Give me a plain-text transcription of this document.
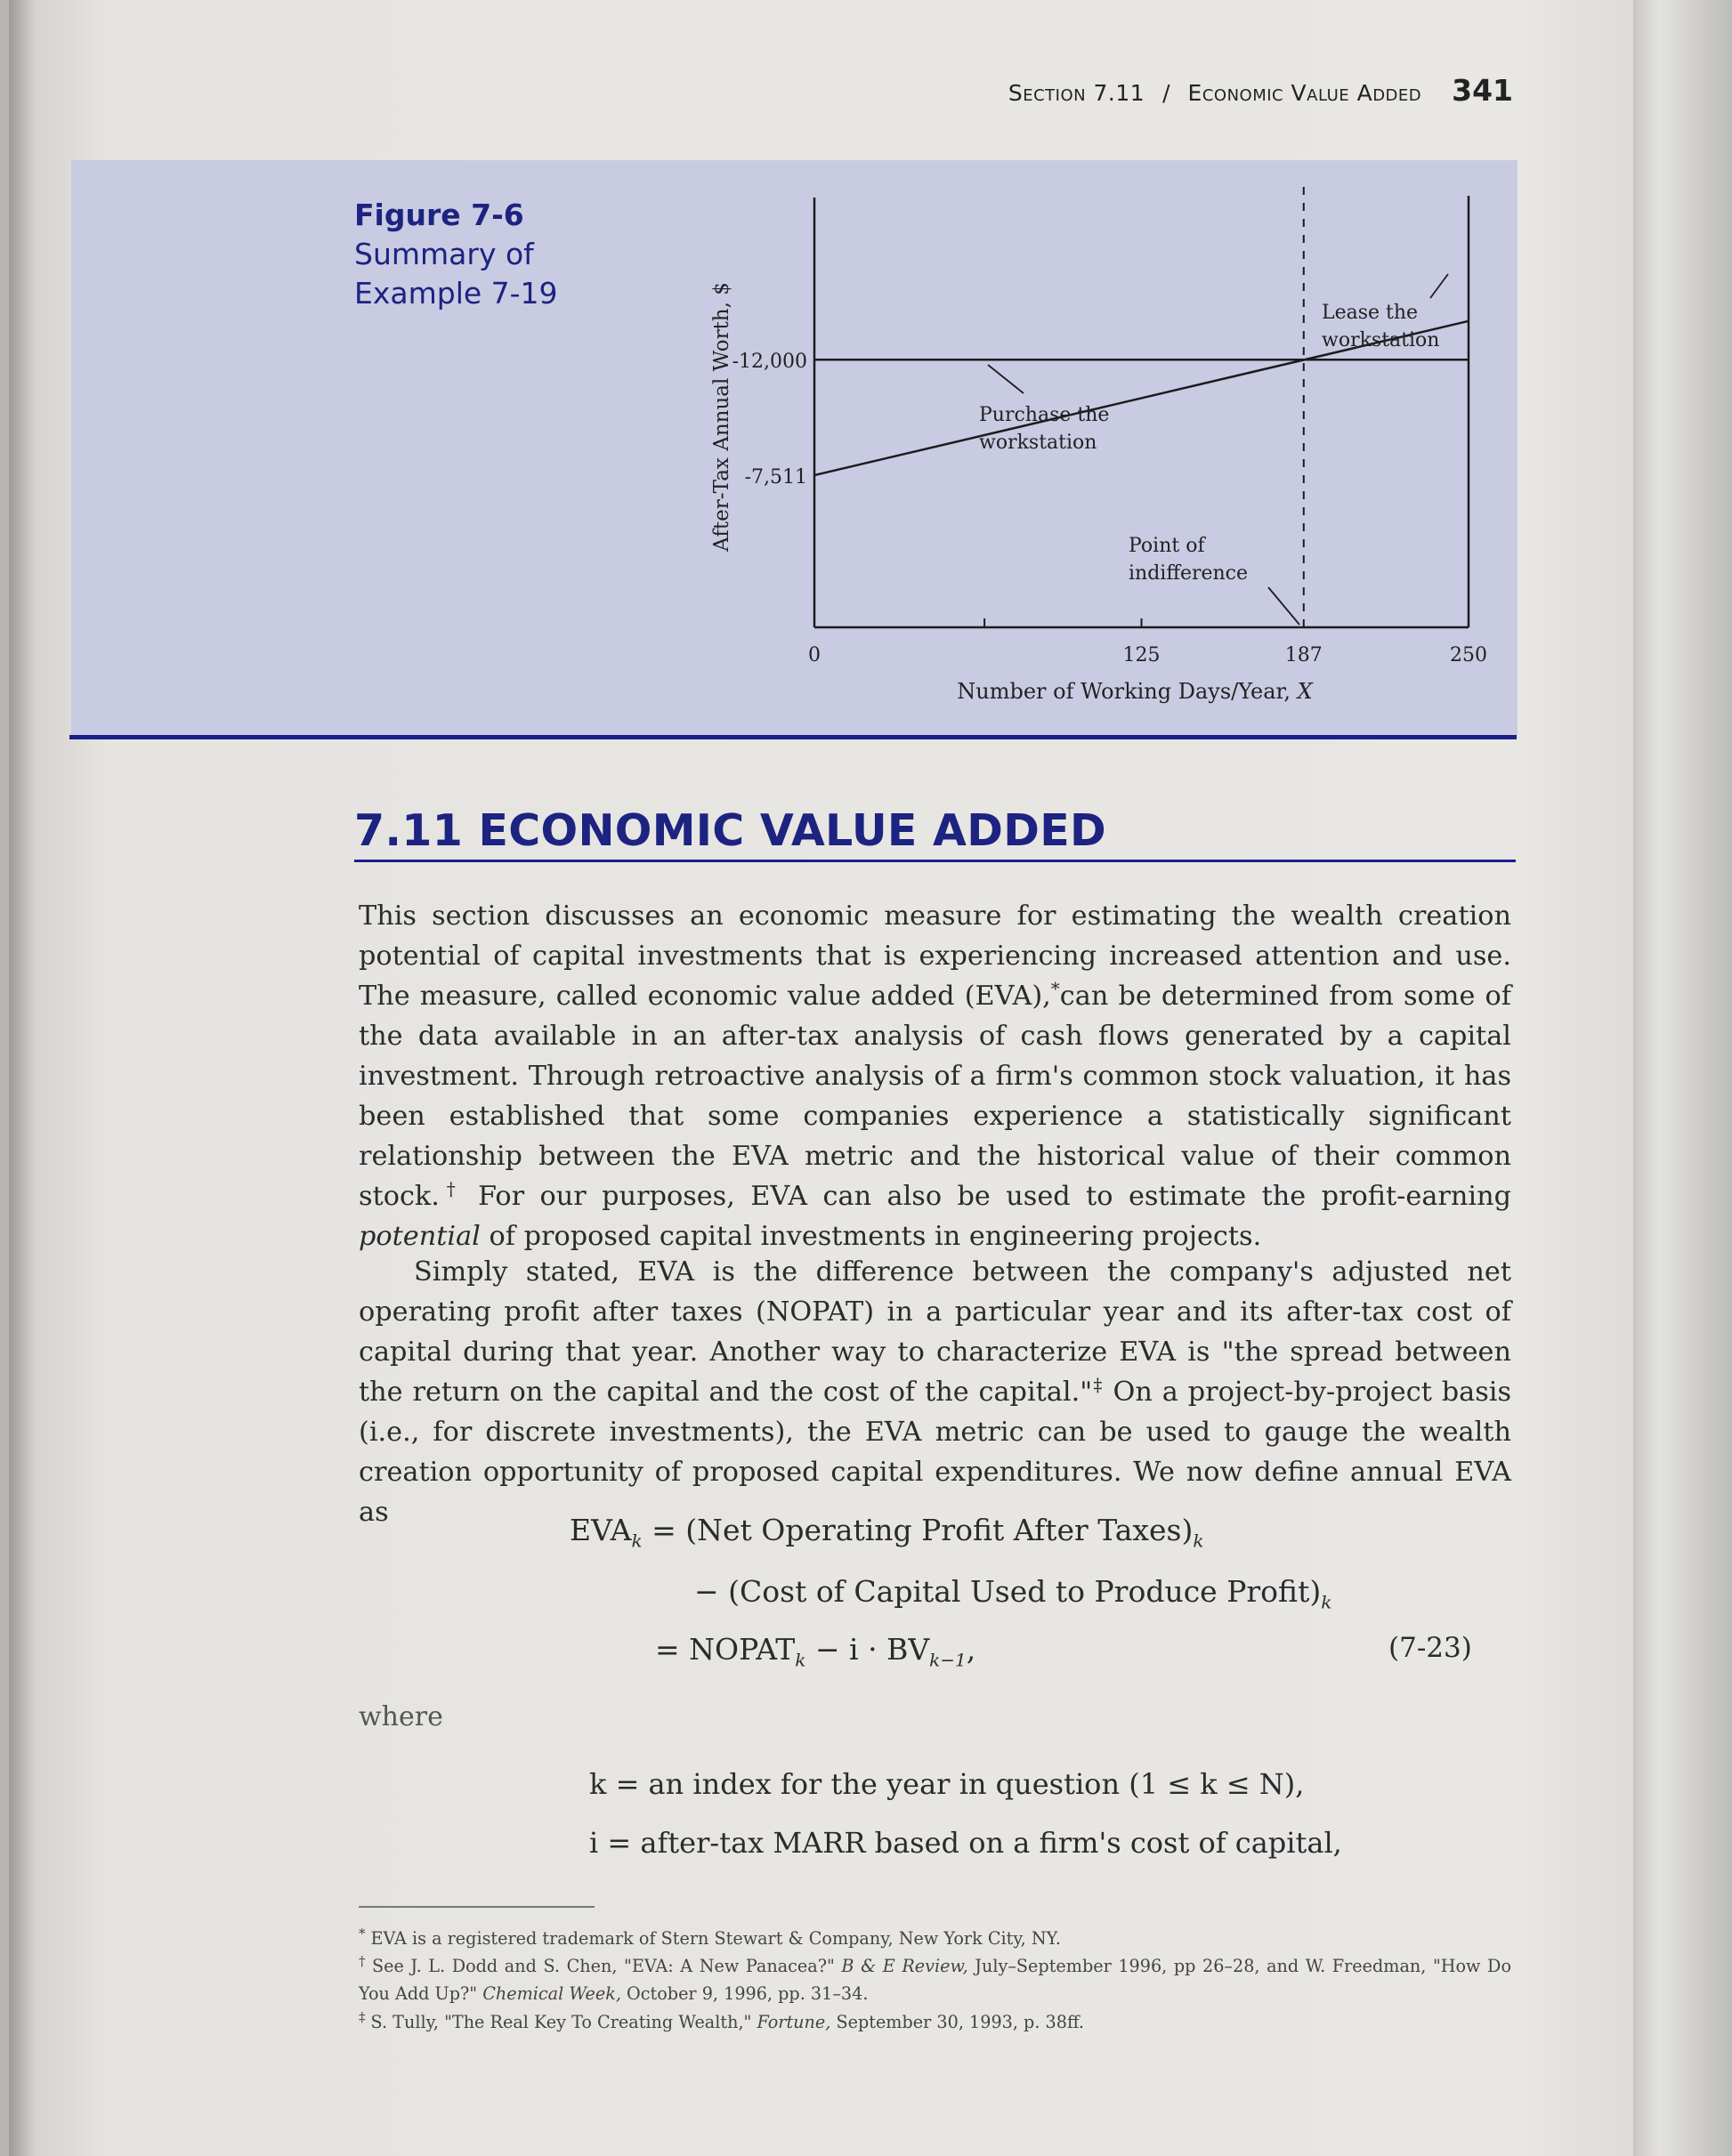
Section 7.11 / Economic Value Added 341
Figure 7-6
Summary of Example 7-19
-12,000
-7,511
0	125	187	250
After-Tax Annual Worth, $
Number of Working Days/Year, X
Lease the
workstation
Purchase the
workstation
Point of
indifference
7.11 ECONOMIC VALUE ADDED

This section discusses an economic measure for estimating the wealth creation potential of capital investments that is experiencing increased attention and use. The measure, called economic value added (EVA),*can be determined from some of the data available in an after-tax analysis of cash flows generated by a capital investment. Through retroactive analysis of a firm's common stock valuation, it has been established that some companies experience a statistically significant relationship between the EVA metric and the historical value of their common stock.† For our purposes, EVA can also be used to estimate the profit-earning potential of proposed capital investments in engineering projects.

Simply stated, EVA is the difference between the company's adjusted net operating profit after taxes (NOPAT) in a particular year and its after-tax cost of capital during that year. Another way to characterize EVA is "the spread between the return on the capital and the cost of the capital."‡ On a project-by-project basis (i.e., for discrete investments), the EVA metric can be used to gauge the wealth creation opportunity of proposed capital expenditures. We now define annual EVA as

$EVA_k = (Net$ Operating Profit After $Taxes)_k$
− (Cost of Capital Used to Produce $Profit)_k$
= $NOPAT_k - i \cdot BV_{k-1}$,	(7-23)
where
k = an index for the year in question (1 ≤ k ≤ N),
i = after-tax MARR based on a firm's cost of capital,

* EVA is a registered trademark of Stern Stewart & Company, New York City, NY.

† See J. L. Dodd and S. Chen, "EVA: A New Panacea?" B & E Review, July–September 1996, pp 26–28, and W. Freedman, "How Do You Add Up?" Chemical Week, October 9, 1996, pp. 31–34.

‡ S. Tully, "The Real Key To Creating Wealth," Fortune, September 30, 1993, p. 38ff.
